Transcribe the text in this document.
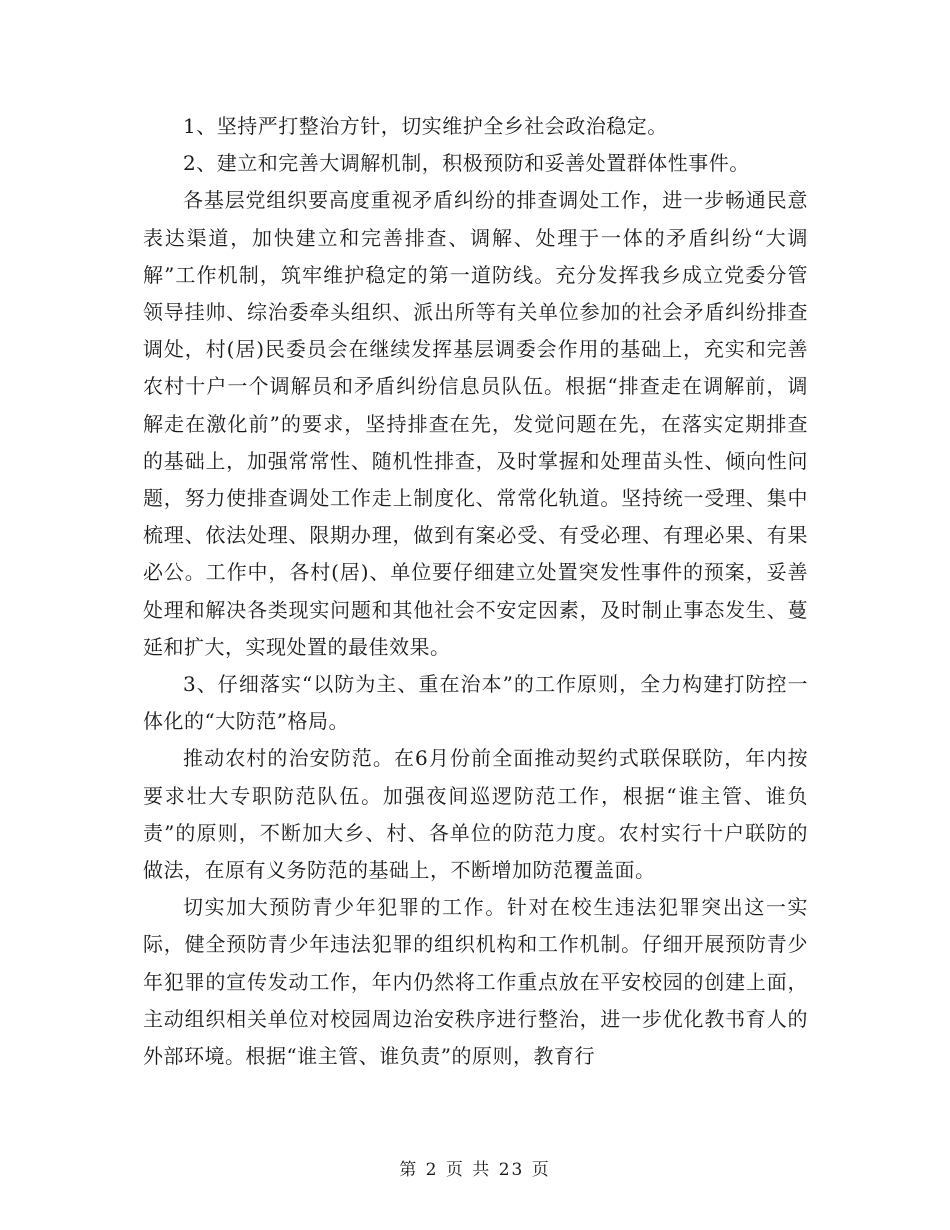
1、坚持严打整治方针，切实维护全乡社会政治稳定。

2、建立和完善大调解机制，积极预防和妥善处置群体性事件。

各基层党组织要高度重视矛盾纠纷的排查调处工作，进一步畅通民意表达渠道，加快建立和完善排查、调解、处理于一体的矛盾纠纷“大调解”工作机制，筑牢维护稳定的第一道防线。充分发挥我乡成立党委分管领导挂帅、综治委牵头组织、派出所等有关单位参加的社会矛盾纠纷排查调处，村(居)民委员会在继续发挥基层调委会作用的基础上，充实和完善农村十户一个调解员和矛盾纠纷信息员队伍。根据“排查走在调解前，调解走在激化前”的要求，坚持排查在先，发觉问题在先，在落实定期排查的基础上，加强常常性、随机性排查，及时掌握和处理苗头性、倾向性问题，努力使排查调处工作走上制度化、常常化轨道。坚持统一受理、集中梳理、依法处理、限期办理，做到有案必受、有受必理、有理必果、有果必公。工作中，各村(居)、单位要仔细建立处置突发性事件的预案，妥善处理和解决各类现实问题和其他社会不安定因素，及时制止事态发生、蔓延和扩大，实现处置的最佳效果。

3、仔细落实“以防为主、重在治本”的工作原则，全力构建打防控一体化的“大防范”格局。

推动农村的治安防范。在6月份前全面推动契约式联保联防，年内按要求壮大专职防范队伍。加强夜间巡逻防范工作，根据“谁主管、谁负责”的原则，不断加大乡、村、各单位的防范力度。农村实行十户联防的做法，在原有义务防范的基础上，不断增加防范覆盖面。

切实加大预防青少年犯罪的工作。针对在校生违法犯罪突出这一实际，健全预防青少年违法犯罪的组织机构和工作机制。仔细开展预防青少年犯罪的宣传发动工作，年内仍然将工作重点放在平安校园的创建上面，主动组织相关单位对校园周边治安秩序进行整治，进一步优化教书育人的外部环境。根据“谁主管、谁负责”的原则，教育行

第 2 页 共 23 页
